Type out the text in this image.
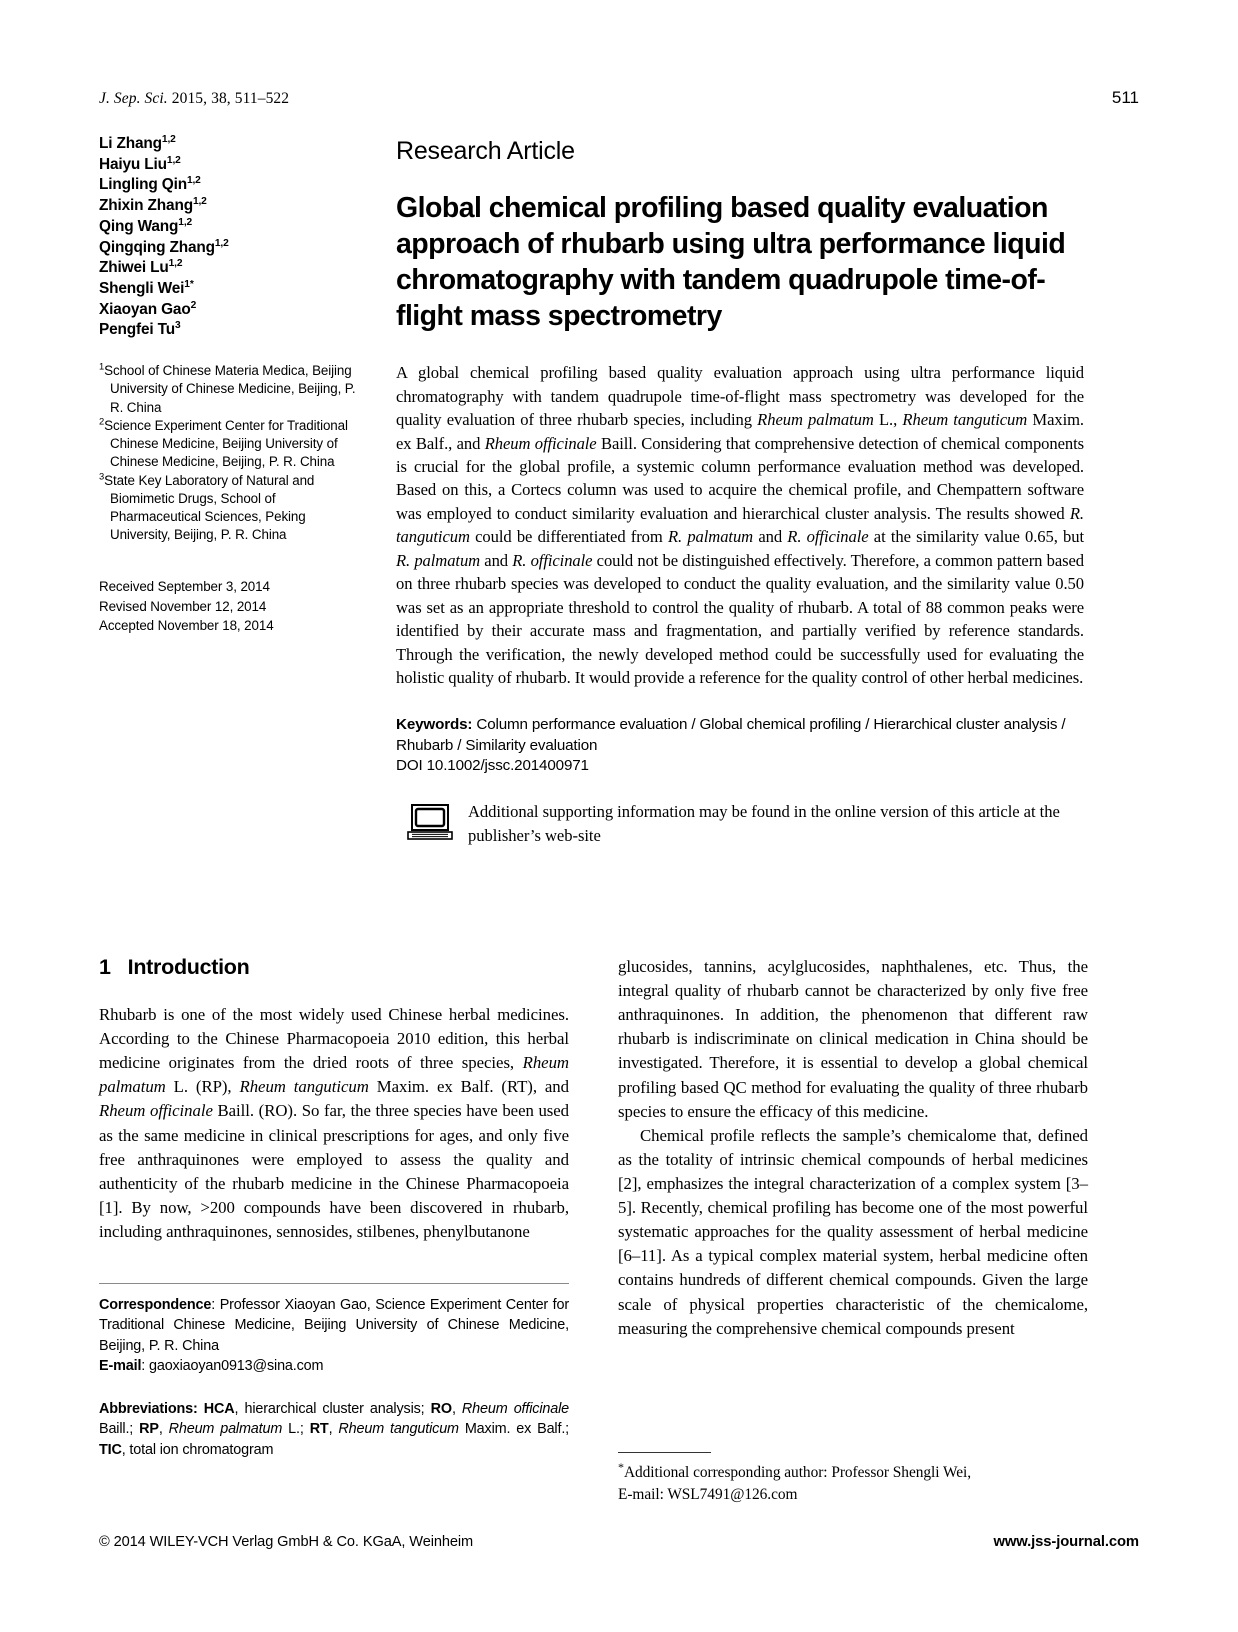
J. Sep. Sci. 2015, 38, 511–522	511
Li Zhang$^{1,2}$
Haiyu Liu$^{1,2}$
Lingling Qin$^{1,2}$
Zhixin Zhang$^{1,2}$
Qing Wang$^{1,2}$
Qingqing Zhang$^{1,2}$
Zhiwei Lu$^{1,2}$
Shengli Wei$^{1*}$
Xiaoyan Gao$^2$
Pengfei Tu$^3$
$^1$School of Chinese Materia Medica, Beijing University of Chinese Medicine, Beijing, P. R. China
$^2$Science Experiment Center for Traditional Chinese Medicine, Beijing University of Chinese Medicine, Beijing, P. R. China
$^3$State Key Laboratory of Natural and Biomimetic Drugs, School of Pharmaceutical Sciences, Peking University, Beijing, P. R. China
Received September 3, 2014
Revised November 12, 2014
Accepted November 18, 2014
Research Article
Global chemical profiling based quality evaluation approach of rhubarb using ultra performance liquid chromatography with tandem quadrupole time-of-flight mass spectrometry
A global chemical profiling based quality evaluation approach using ultra performance liquid chromatography with tandem quadrupole time-of-flight mass spectrometry was developed for the quality evaluation of three rhubarb species, including Rheum palmatum L., Rheum tanguticum Maxim. ex Balf., and Rheum officinale Baill. Considering that comprehensive detection of chemical components is crucial for the global profile, a systemic column performance evaluation method was developed. Based on this, a Cortecs column was used to acquire the chemical profile, and Chempattern software was employed to conduct similarity evaluation and hierarchical cluster analysis. The results showed R. tanguticum could be differentiated from R. palmatum and R. officinale at the similarity value 0.65, but R. palmatum and R. officinale could not be distinguished effectively. Therefore, a common pattern based on three rhubarb species was developed to conduct the quality evaluation, and the similarity value 0.50 was set as an appropriate threshold to control the quality of rhubarb. A total of 88 common peaks were identified by their accurate mass and fragmentation, and partially verified by reference standards. Through the verification, the newly developed method could be successfully used for evaluating the holistic quality of rhubarb. It would provide a reference for the quality control of other herbal medicines.
Keywords: Column performance evaluation / Global chemical profiling / Hierarchical cluster analysis / Rhubarb / Similarity evaluation
DOI 10.1002/jssc.201400971
Additional supporting information may be found in the online version of this article at the publisher’s web-site
1 Introduction

Rhubarb is one of the most widely used Chinese herbal medicines. According to the Chinese Pharmacopoeia 2010 edition, this herbal medicine originates from the dried roots of three species, Rheum palmatum L. (RP), Rheum tanguticum Maxim. ex Balf. (RT), and Rheum officinale Baill. (RO). So far, the three species have been used as the same medicine in clinical prescriptions for ages, and only five free anthraquinones were employed to assess the quality and authenticity of the rhubarb medicine in the Chinese Pharmacopoeia [1]. By now, >200 compounds have been discovered in rhubarb, including anthraquinones, sennosides, stilbenes, phenylbutanone

glucosides, tannins, acylglucosides, naphthalenes, etc. Thus, the integral quality of rhubarb cannot be characterized by only five free anthraquinones. In addition, the phenomenon that different raw rhubarb is indiscriminate on clinical medication in China should be investigated. Therefore, it is essential to develop a global chemical profiling based QC method for evaluating the quality of three rhubarb species to ensure the efficacy of this medicine.

Chemical profile reflects the sample’s chemicalome that, defined as the totality of intrinsic chemical compounds of herbal medicines [2], emphasizes the integral characterization of a complex system [3–5]. Recently, chemical profiling has become one of the most powerful systematic approaches for the quality assessment of herbal medicine [6–11]. As a typical complex material system, herbal medicine often contains hundreds of different chemical compounds. Given the large scale of physical properties characteristic of the chemicalome, measuring the comprehensive chemical compounds present

Correspondence: Professor Xiaoyan Gao, Science Experiment Center for Traditional Chinese Medicine, Beijing University of Chinese Medicine, Beijing, P. R. China
E-mail: gaoxiaoyan0913@sina.com

Abbreviations: HCA, hierarchical cluster analysis; RO, Rheum officinale Baill.; RP, Rheum palmatum L.; RT, Rheum tanguticum Maxim. ex Balf.; TIC, total ion chromatogram

*Additional corresponding author: Professor Shengli Wei,
E-mail: WSL7491@126.com

© 2014 WILEY-VCH Verlag GmbH & Co. KGaA, Weinheim	www.jss-journal.com
